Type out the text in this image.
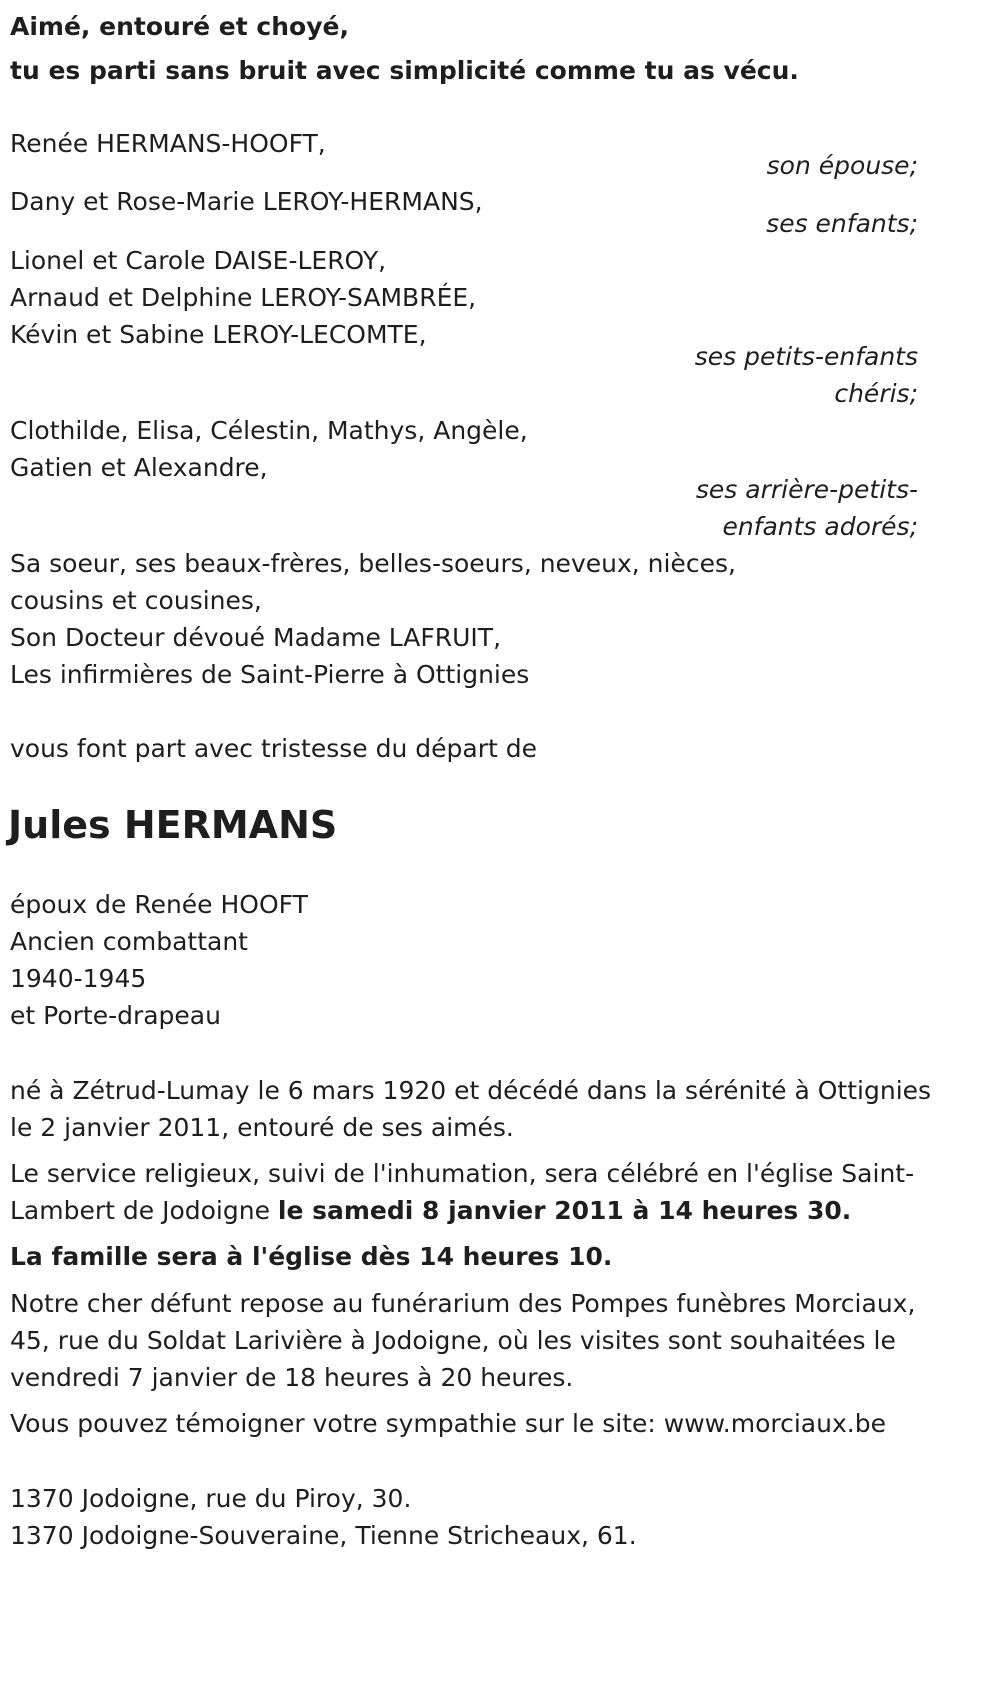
Aimé, entouré et choyé,
tu es parti sans bruit avec simplicité comme tu as vécu.
Renée HERMANS-HOOFT,
son épouse;
Dany et Rose-Marie LEROY-HERMANS,
ses enfants;
Lionel et Carole DAISE-LEROY,
Arnaud et Delphine LEROY-SAMBRÉE,
Kévin et Sabine LEROY-LECOMTE,
ses petits-enfants
chéris;
Clothilde, Elisa, Célestin, Mathys, Angèle,
Gatien et Alexandre,
ses arrière-petits-
enfants adorés;
Sa soeur, ses beaux-frères, belles-soeurs, neveux, nièces,
cousins et cousines,
Son Docteur dévoué Madame LAFRUIT,
Les infirmières de Saint-Pierre à Ottignies
vous font part avec tristesse du départ de
Jules HERMANS
époux de Renée HOOFT
Ancien combattant
1940-1945
et Porte-drapeau
né à Zétrud-Lumay le 6 mars 1920 et décédé dans la sérénité à Ottignies
le 2 janvier 2011, entouré de ses aimés.
Le service religieux, suivi de l'inhumation, sera célébré en l'église Saint-
Lambert de Jodoigne le samedi 8 janvier 2011 à 14 heures 30.
La famille sera à l'église dès 14 heures 10.
Notre cher défunt repose au funérarium des Pompes funèbres Morciaux,
45, rue du Soldat Larivière à Jodoigne, où les visites sont souhaitées le
vendredi 7 janvier de 18 heures à 20 heures.
Vous pouvez témoigner votre sympathie sur le site: www.morciaux.be
1370 Jodoigne, rue du Piroy, 30.
1370 Jodoigne-Souveraine, Tienne Stricheaux, 61.
